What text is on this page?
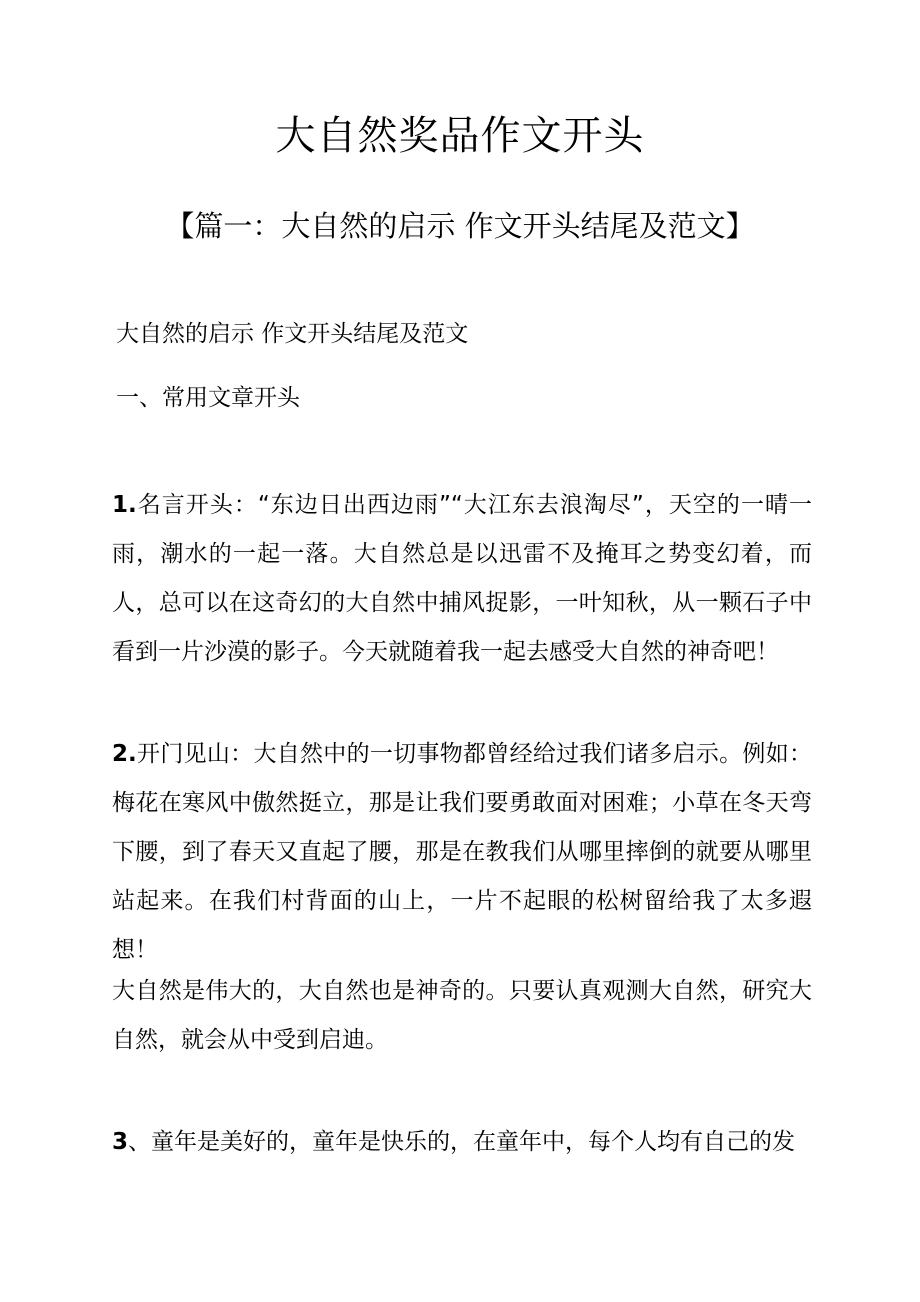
大自然奖品作文开头
【篇一：大自然的启示 作文开头结尾及范文】
大自然的启示 作文开头结尾及范文
一、常用文章开头

1.名言开头：“东边日出西边雨”“大江东去浪淘尽”，天空的一晴一雨，潮水的一起一落。大自然总是以迅雷不及掩耳之势变幻着，而人，总可以在这奇幻的大自然中捕风捉影，一叶知秋，从一颗石子中看到一片沙漠的影子。今天就随着我一起去感受大自然的神奇吧！

2.开门见山：大自然中的一切事物都曾经给过我们诸多启示。例如：梅花在寒风中傲然挺立，那是让我们要勇敢面对困难；小草在冬天弯下腰，到了春天又直起了腰，那是在教我们从哪里摔倒的就要从哪里站起来。在我们村背面的山上，一片不起眼的松树留给我了太多遐想！

大自然是伟大的，大自然也是神奇的。只要认真观测大自然，研究大自然，就会从中受到启迪。

3、童年是美好的，童年是快乐的，在童年中，每个人均有自己的发
